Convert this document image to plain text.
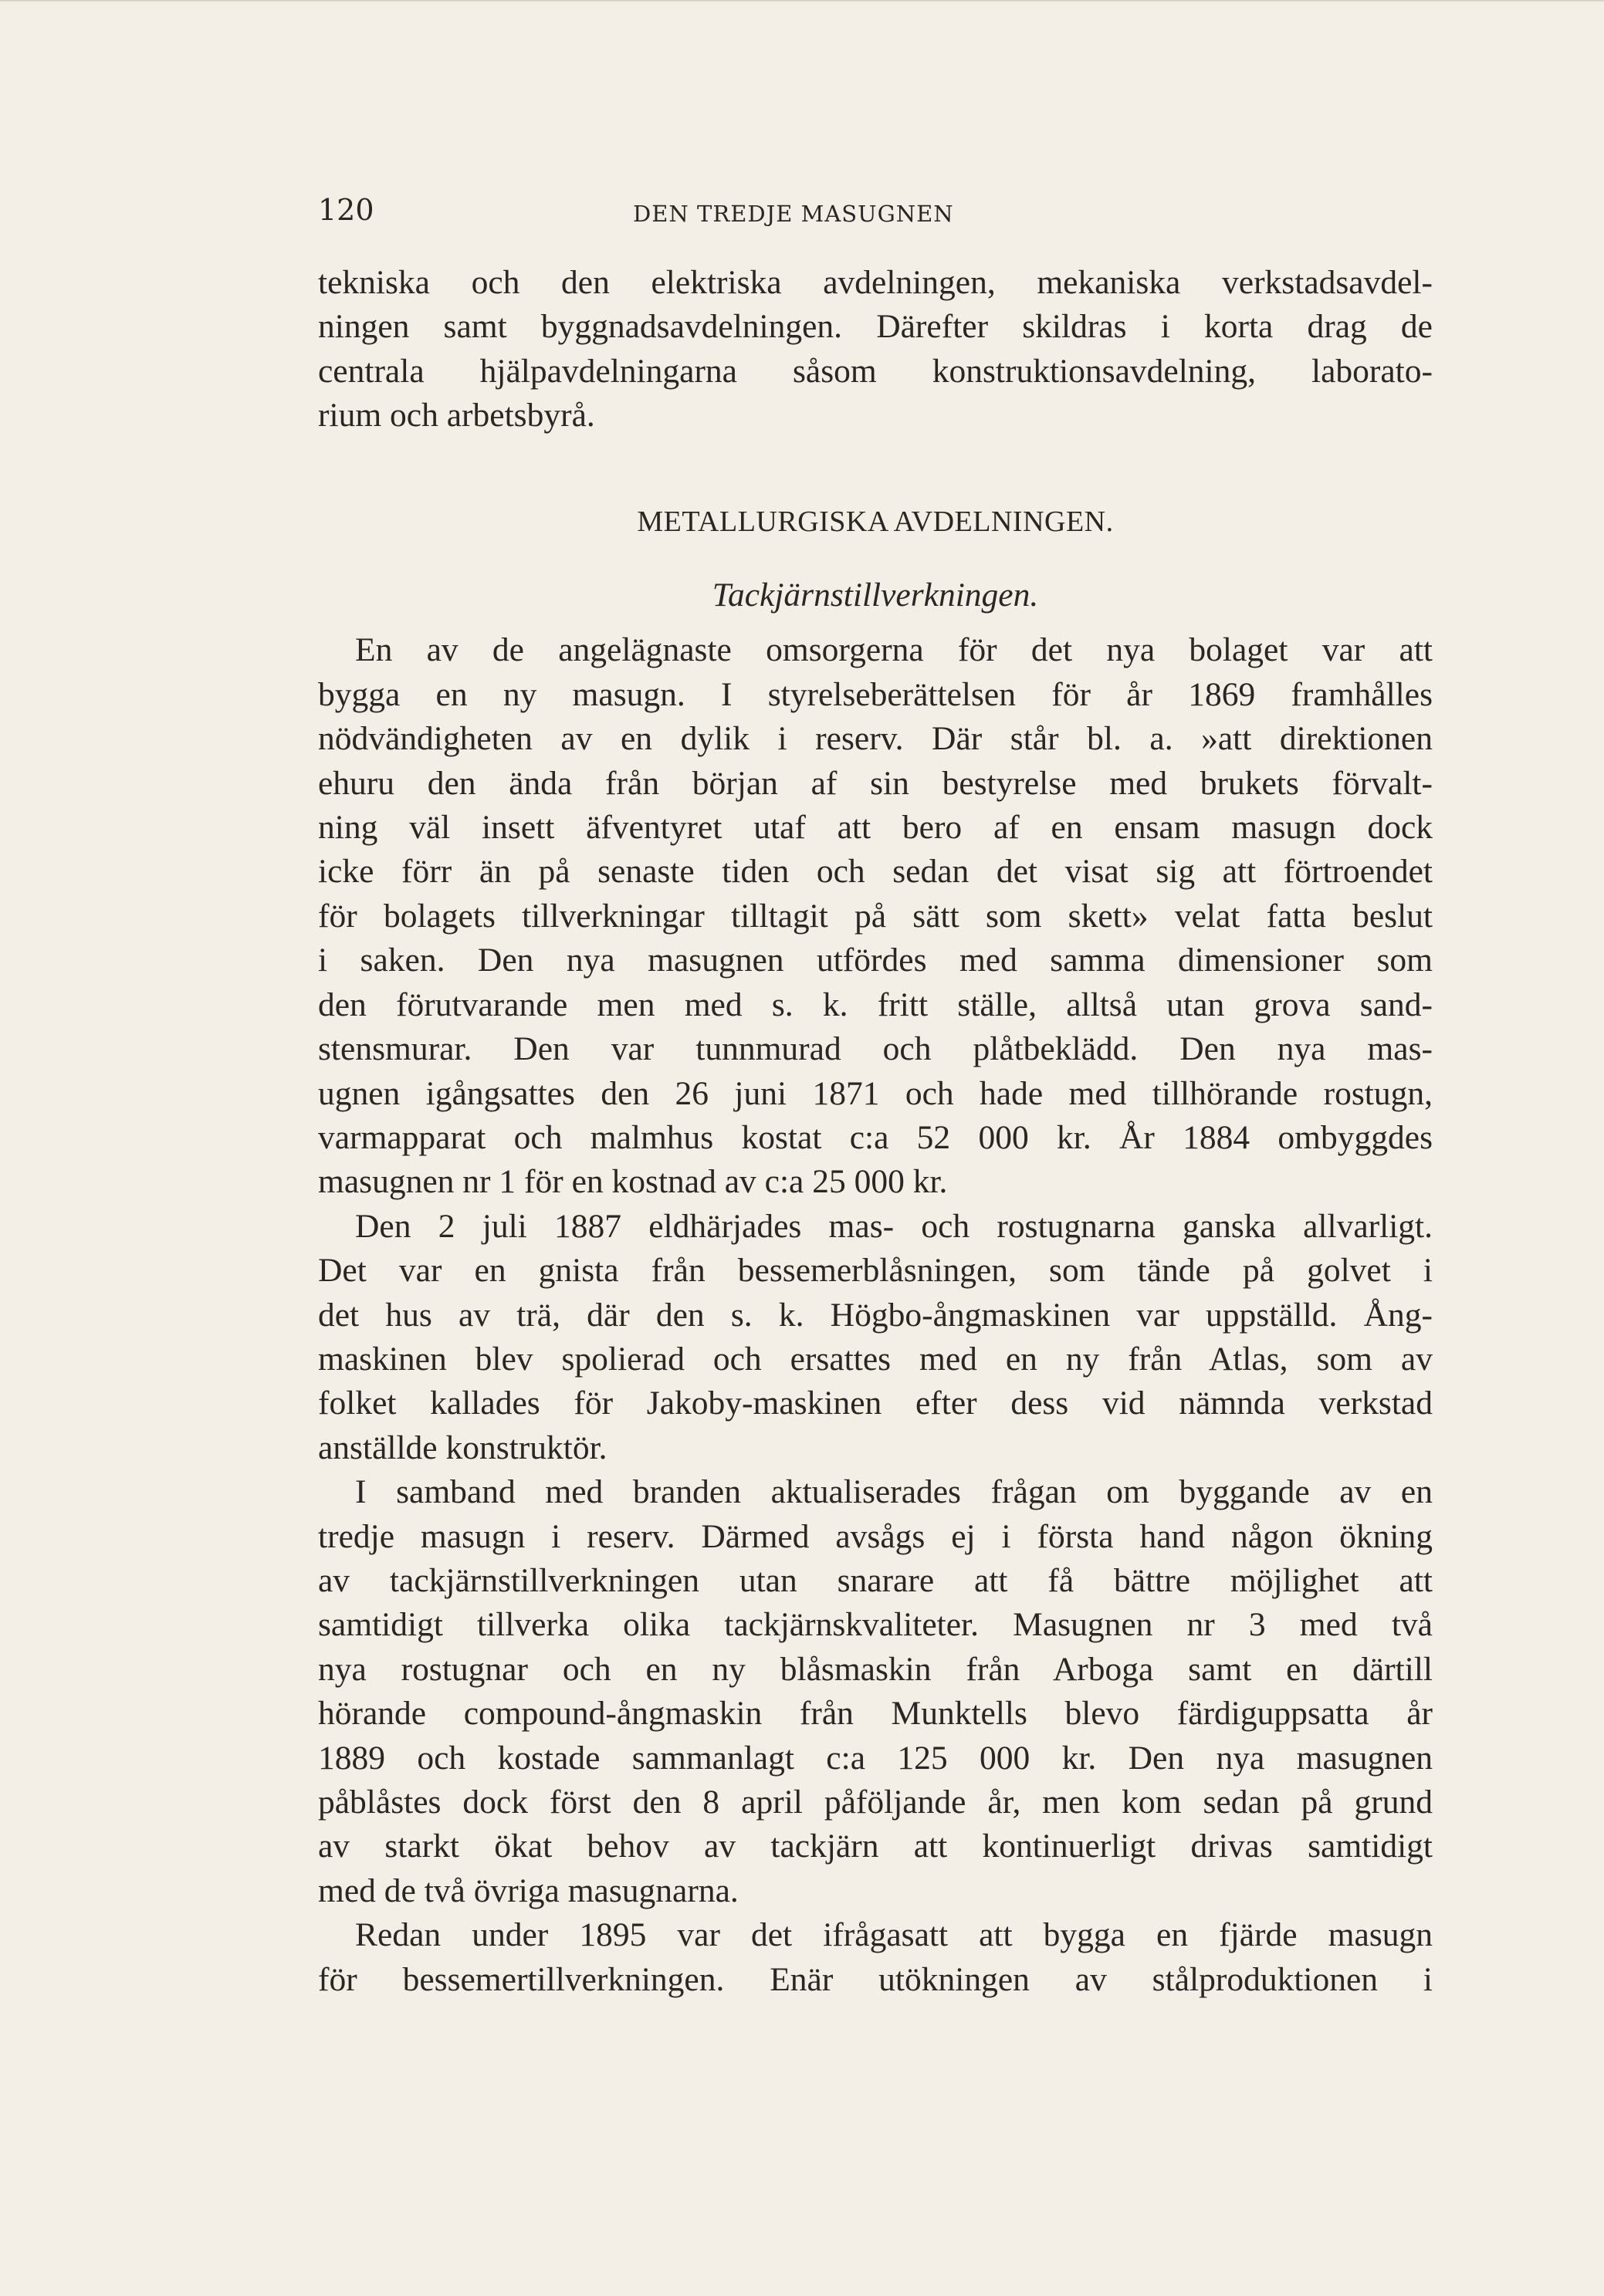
120	DEN TREDJE MASUGNEN

tekniska och den elektriska avdelningen, mekaniska verkstadsavdel-

ningen samt byggnadsavdelningen. Därefter skildras i korta drag de

centrala hjälpavdelningarna såsom konstruktionsavdelning, laborato-

rium och arbetsbyrå.

METALLURGISKA AVDELNINGEN.

Tackjärnstillverkningen.

En av de angelägnaste omsorgerna för det nya bolaget var att

bygga en ny masugn. I styrelseberättelsen för år 1869 framhålles

nödvändigheten av en dylik i reserv. Där står bl. a. »att direktionen

ehuru den ända från början af sin bestyrelse med brukets förvalt-

ning väl insett äfventyret utaf att bero af en ensam masugn dock

icke förr än på senaste tiden och sedan det visat sig att förtroendet

för bolagets tillverkningar tilltagit på sätt som skett» velat fatta beslut

i saken. Den nya masugnen utfördes med samma dimensioner som

den förutvarande men med s. k. fritt ställe, alltså utan grova sand-

stensmurar. Den var tunnmurad och plåtbeklädd. Den nya mas-

ugnen igångsattes den 26 juni 1871 och hade med tillhörande rostugn,

varmapparat och malmhus kostat c:a 52 000 kr. År 1884 ombyggdes

masugnen nr 1 för en kostnad av c:a 25 000 kr.

Den 2 juli 1887 eldhärjades mas- och rostugnarna ganska allvarligt.

Det var en gnista från bessemerblåsningen, som tände på golvet i

det hus av trä, där den s. k. Högbo-ångmaskinen var uppställd. Ång-

maskinen blev spolierad och ersattes med en ny från Atlas, som av

folket kallades för Jakoby-maskinen efter dess vid nämnda verkstad

anställde konstruktör.

I samband med branden aktualiserades frågan om byggande av en

tredje masugn i reserv. Därmed avsågs ej i första hand någon ökning

av tackjärnstillverkningen utan snarare att få bättre möjlighet att

samtidigt tillverka olika tackjärnskvaliteter. Masugnen nr 3 med två

nya rostugnar och en ny blåsmaskin från Arboga samt en därtill

hörande compound-ångmaskin från Munktells blevo färdiguppsatta år

1889 och kostade sammanlagt c:a 125 000 kr. Den nya masugnen

påblåstes dock först den 8 april påföljande år, men kom sedan på grund

av starkt ökat behov av tackjärn att kontinuerligt drivas samtidigt

med de två övriga masugnarna.

Redan under 1895 var det ifrågasatt att bygga en fjärde masugn

för bessemertillverkningen. Enär utökningen av stålproduktionen i
